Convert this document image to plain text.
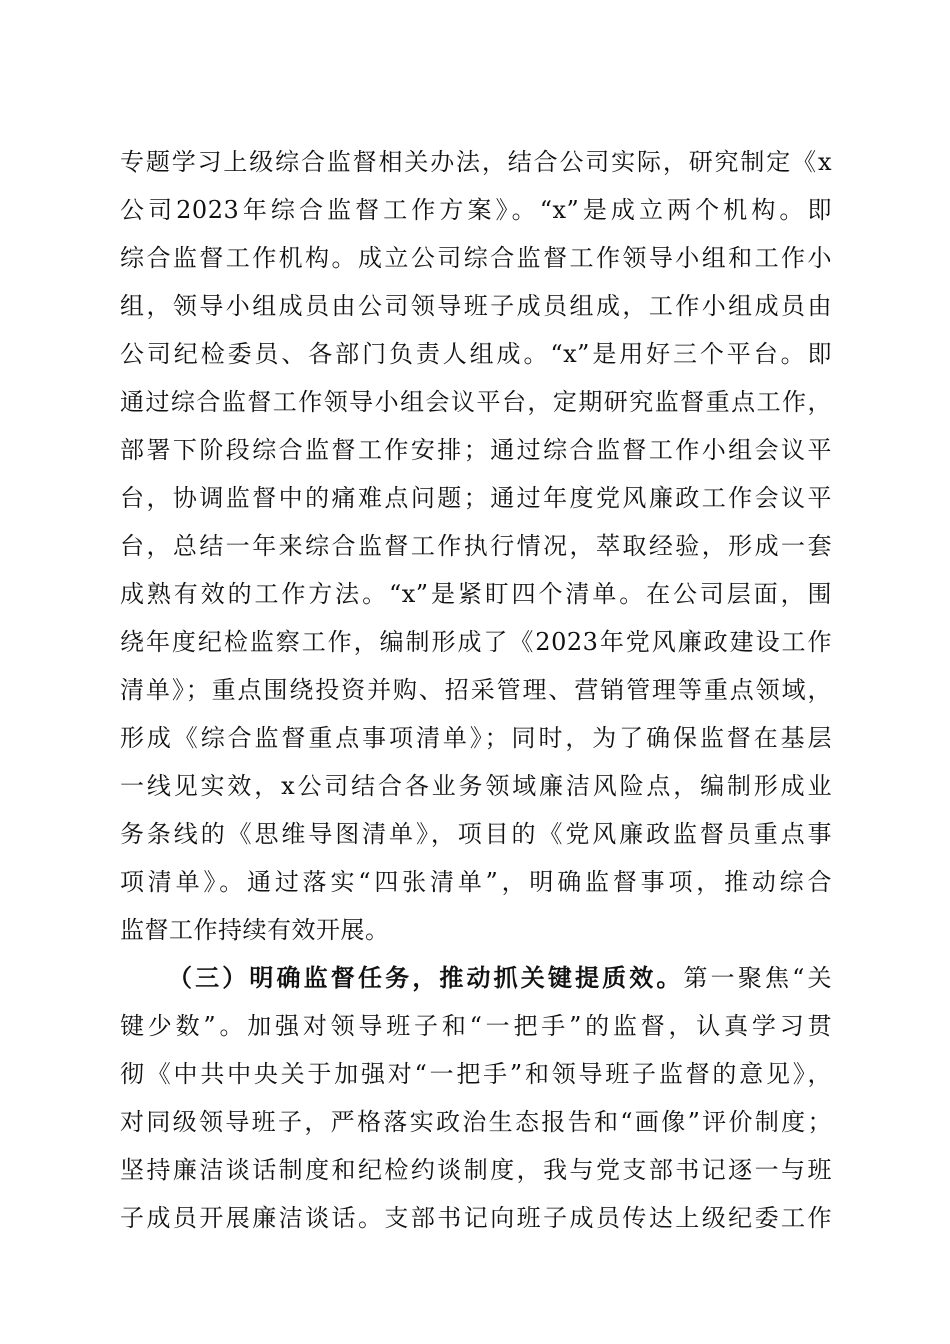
专题学习上级综合监督相关办法，结合公司实际，研究制定《x
公司2023年综合监督工作方案》。“x”是成立两个机构。即
综合监督工作机构。成立公司综合监督工作领导小组和工作小
组，领导小组成员由公司领导班子成员组成，工作小组成员由
公司纪检委员、各部门负责人组成。“x”是用好三个平台。即
通过综合监督工作领导小组会议平台，定期研究监督重点工作，
部署下阶段综合监督工作安排；通过综合监督工作小组会议平
台，协调监督中的痛难点问题；通过年度党风廉政工作会议平
台，总结一年来综合监督工作执行情况，萃取经验，形成一套
成熟有效的工作方法。“x”是紧盯四个清单。在公司层面，围
绕年度纪检监察工作，编制形成了《2023年党风廉政建设工作
清单》；重点围绕投资并购、招采管理、营销管理等重点领域，
形成《综合监督重点事项清单》；同时，为了确保监督在基层
一线见实效，x公司结合各业务领域廉洁风险点，编制形成业
务条线的《思维导图清单》，项目的《党风廉政监督员重点事
项清单》。通过落实“四张清单”，明确监督事项，推动综合
监督工作持续有效开展。
（三）明确监督任务，推动抓关键提质效。第一聚焦“关
键少数”。加强对领导班子和“一把手”的监督，认真学习贯
彻《中共中央关于加强对“一把手”和领导班子监督的意见》，
对同级领导班子，严格落实政治生态报告和“画像”评价制度；
坚持廉洁谈话制度和纪检约谈制度，我与党支部书记逐一与班
子成员开展廉洁谈话。支部书记向班子成员传达上级纪委工作
